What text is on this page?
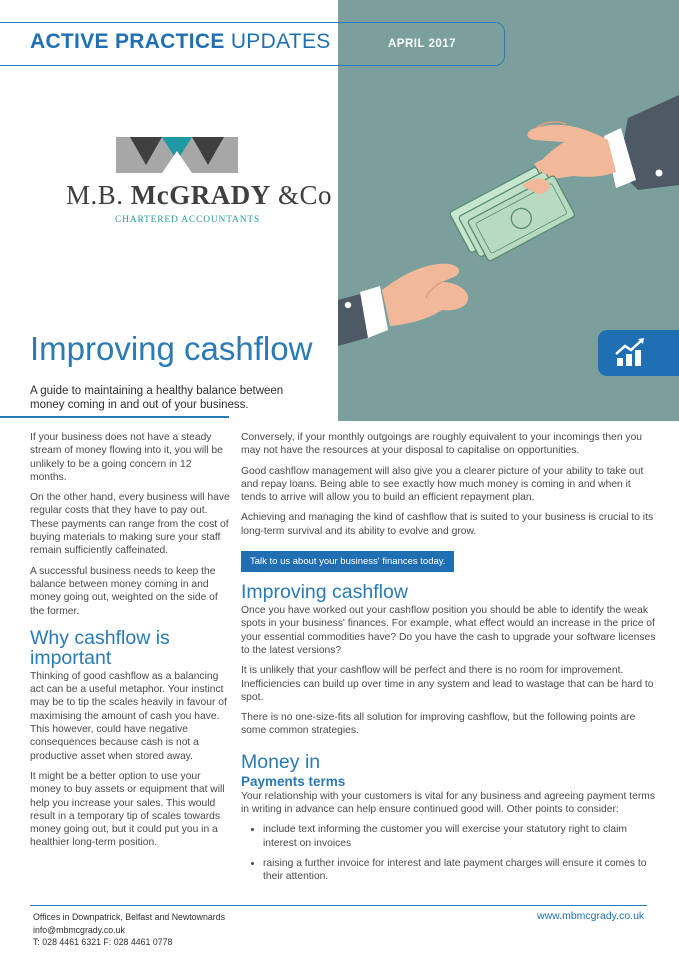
ACTIVE PRACTICE UPDATES	APRIL 2017
M.B. McGRADY &Co
CHARTERED ACCOUNTANTS
Improving cashflow
A guide to maintaining a healthy balance between money coming in and out of your business.

If your business does not have a steady stream of money flowing into it, you will be unlikely to be a going concern in 12 months.

On the other hand, every business will have regular costs that they have to pay out. These payments can range from the cost of buying materials to making sure your staff remain sufficiently caffeinated.

A successful business needs to keep the balance between money coming in and money going out, weighted on the side of the former.

Why cashflow is important

Thinking of good cashflow as a balancing act can be a useful metaphor. Your instinct may be to tip the scales heavily in favour of maximising the amount of cash you have. This however, could have negative consequences because cash is not a productive asset when stored away.

It might be a better option to use your money to buy assets or equipment that will help you increase your sales. This would result in a temporary tip of scales towards money going out, but it could put you in a healthier long-term position.

Conversely, if your monthly outgoings are roughly equivalent to your incomings then you may not have the resources at your disposal to capitalise on opportunities.

Good cashflow management will also give you a clearer picture of your ability to take out and repay loans. Being able to see exactly how much money is coming in and when it tends to arrive will allow you to build an efficient repayment plan.

Achieving and managing the kind of cashflow that is suited to your business is crucial to its long-term survival and its ability to evolve and grow.

Talk to us about your business' finances today.
Improving cashflow

Once you have worked out your cashflow position you should be able to identify the weak spots in your business' finances. For example, what effect would an increase in the price of your essential commodities have? Do you have the cash to upgrade your software licenses to the latest versions?

It is unlikely that your cashflow will be perfect and there is no room for improvement. Inefficiencies can build up over time in any system and lead to wastage that can be hard to spot.

There is no one-size-fits all solution for improving cashflow, but the following points are some common strategies.

Money in
Payments terms

Your relationship with your customers is vital for any business and agreeing payment terms in writing in advance can help ensure continued good will. Other points to consider:

• include text informing the customer you will exercise your statutory right to claim interest on invoices
• raising a further invoice for interest and late payment charges will ensure it comes to their attention.
Offices in Downpatrick, Belfast and Newtownards
info@mbmcgrady.co.uk
T: 028 4461 6321 F: 028 4461 0778
www.mbmcgrady.co.uk
